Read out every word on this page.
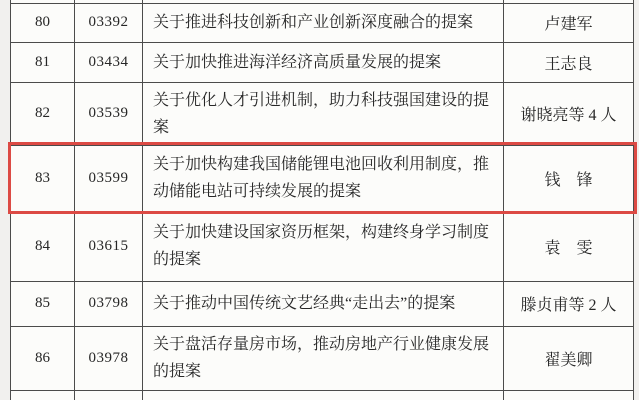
80	03392	关于推进科技创新和产业创新深度融合的提案	卢建军
81	03434	关于加快推进海洋经济高质量发展的提案	王志良
82	03539	关于优化人才引进机制，助力科技强国建设的提案	谢晓亮等 4 人
83	03599	关于加快构建我国储能锂电池回收利用制度，推动储能电站可持续发展的提案	钱　锋
84	03615	关于加快建设国家资历框架，构建终身学习制度的提案	袁　雯
85	03798	关于推动中国传统文艺经典“走出去”的提案	滕贞甫等 2 人
86	03978	关于盘活存量房市场，推动房地产行业健康发展的提案	翟美卿
